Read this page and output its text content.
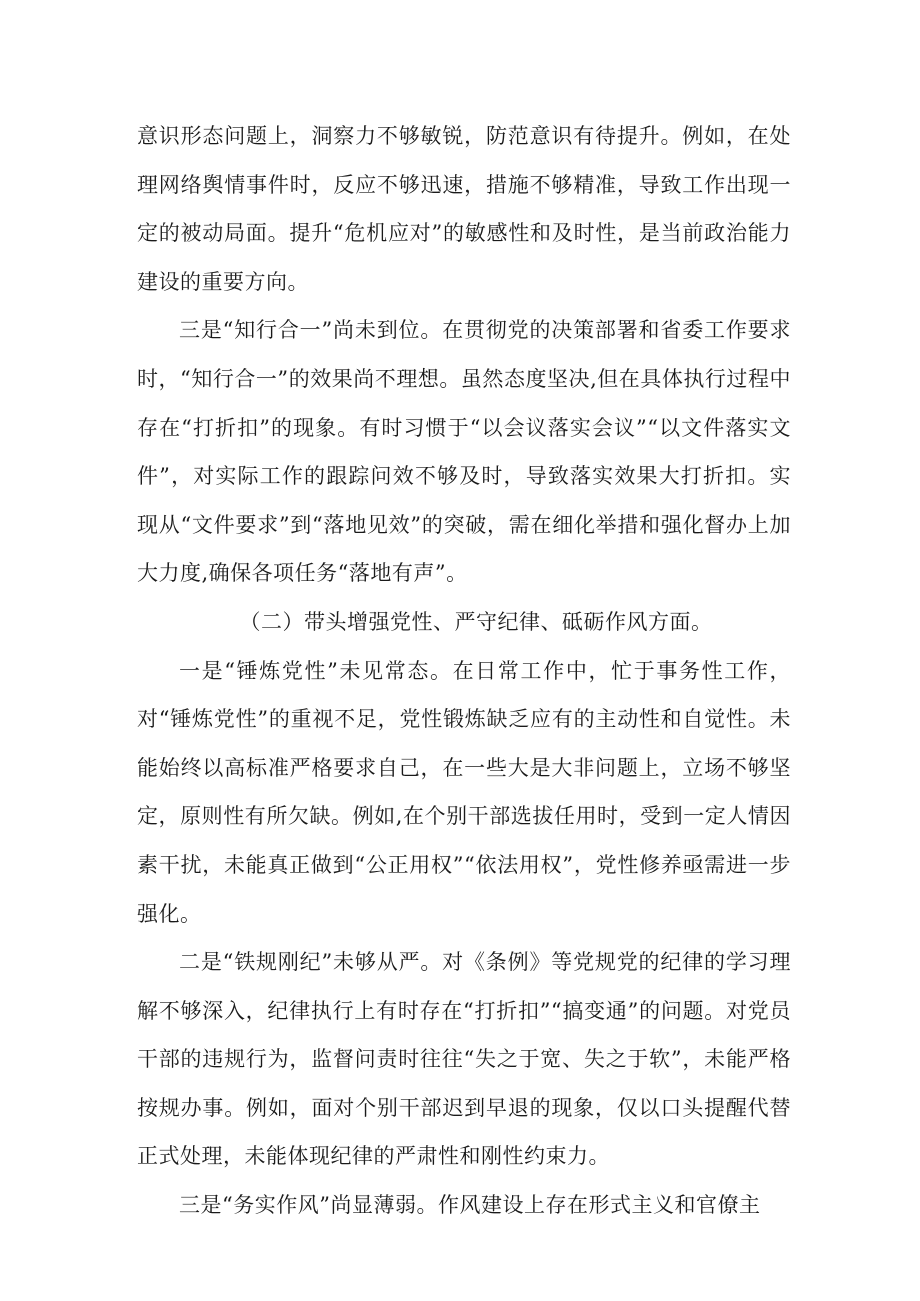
意识形态问题上，洞察力不够敏锐，防范意识有待提升。例如，在处理网络舆情事件时，反应不够迅速，措施不够精准，导致工作出现一定的被动局面。提升“危机应对”的敏感性和及时性，是当前政治能力建设的重要方向。

三是“知行合一”尚未到位。在贯彻党的决策部署和省委工作要求时，“知行合一”的效果尚不理想。虽然态度坚决,但在具体执行过程中存在“打折扣”的现象。有时习惯于“以会议落实会议”“以文件落实文件”，对实际工作的跟踪问效不够及时，导致落实效果大打折扣。实现从“文件要求”到“落地见效”的突破，需在细化举措和强化督办上加大力度,确保各项任务“落地有声”。

（二）带头增强党性、严守纪律、砥砺作风方面。

一是“锤炼党性”未见常态。在日常工作中，忙于事务性工作，对“锤炼党性”的重视不足，党性锻炼缺乏应有的主动性和自觉性。未能始终以高标准严格要求自己，在一些大是大非问题上，立场不够坚定，原则性有所欠缺。例如,在个别干部选拔任用时，受到一定人情因素干扰，未能真正做到“公正用权”“依法用权”，党性修养亟需进一步强化。

二是“铁规刚纪”未够从严。对《条例》等党规党的纪律的学习理解不够深入，纪律执行上有时存在“打折扣”“搞变通”的问题。对党员干部的违规行为，监督问责时往往“失之于宽、失之于软”，未能严格按规办事。例如，面对个别干部迟到早退的现象，仅以口头提醒代替正式处理，未能体现纪律的严肃性和刚性约束力。

三是“务实作风”尚显薄弱。作风建设上存在形式主义和官僚主
